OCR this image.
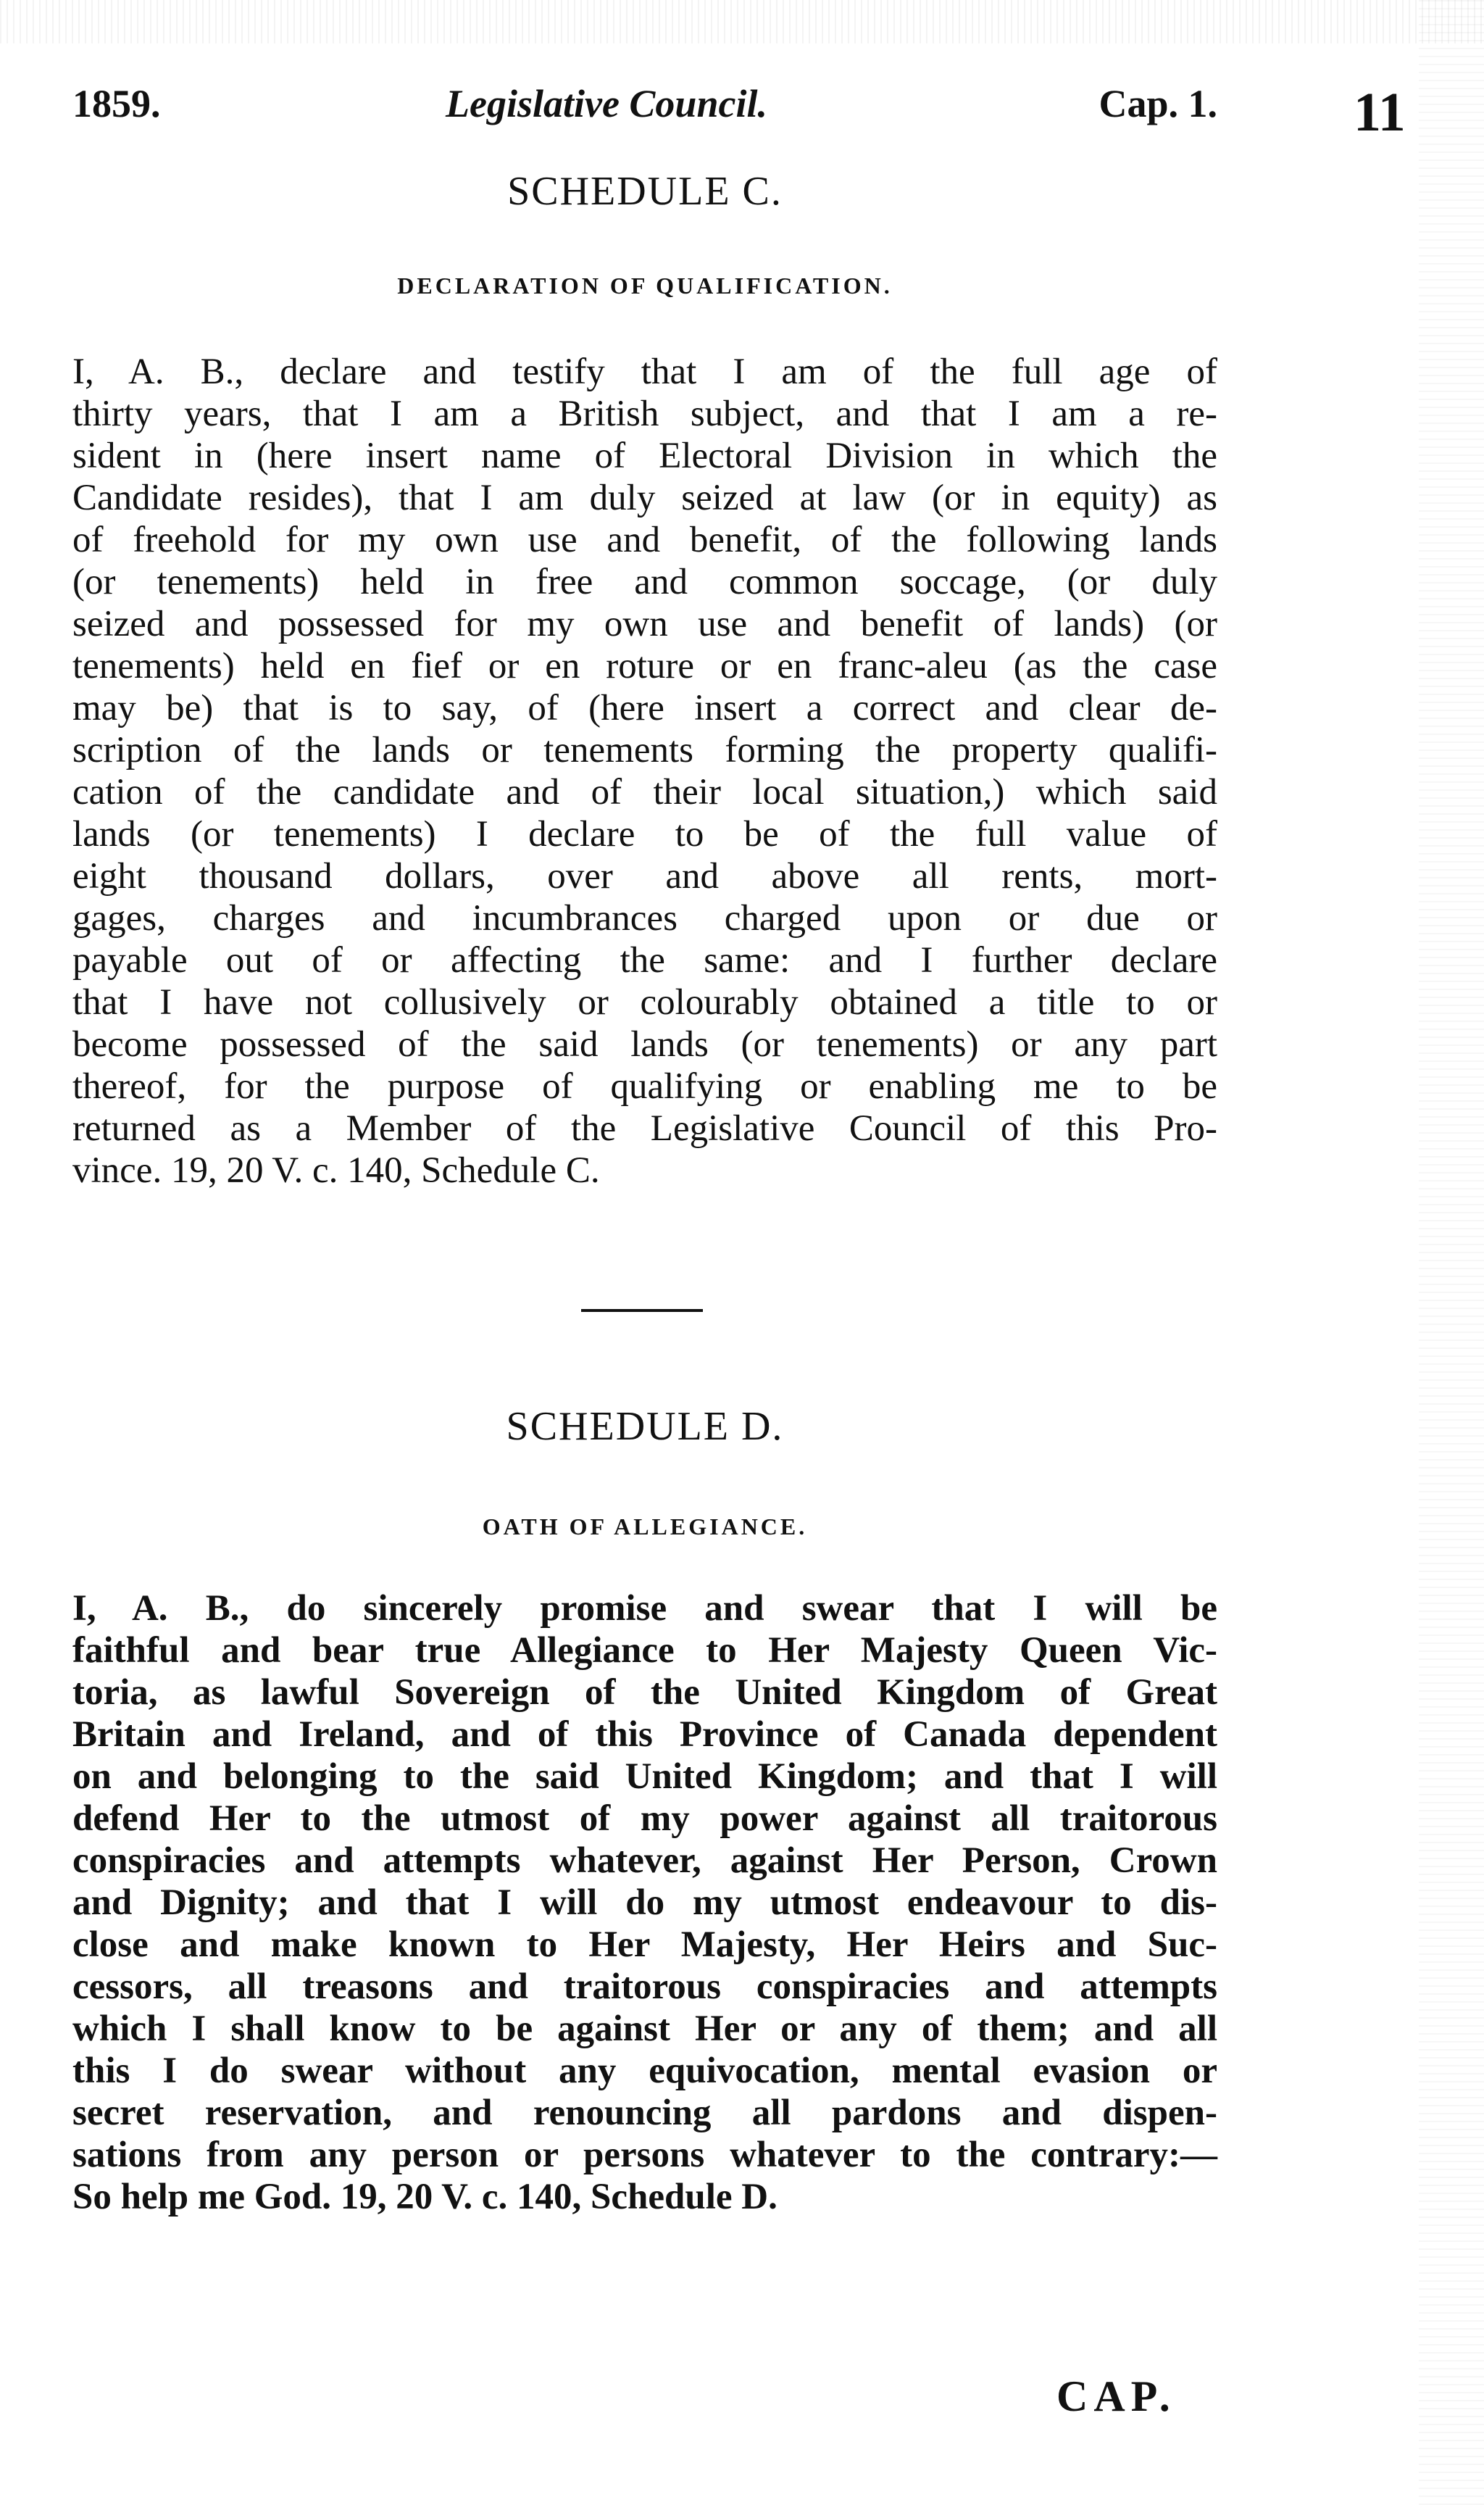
1859.	Legislative Council.	Cap. 1. 11
SCHEDULE C.
DECLARATION OF QUALIFICATION.
I, A. B., declare and testify that I am of the full age of
thirty years, that I am a British subject, and that I am a re-
sident in (here insert name of Electoral Division in which the
Candidate resides), that I am duly seized at law (or in equity) as
of freehold for my own use and benefit, of the following lands
(or tenements) held in free and common soccage, (or duly
seized and possessed for my own use and benefit of lands) (or
tenements) held en fief or en roture or en franc-aleu (as the case
may be) that is to say, of (here insert a correct and clear de-
scription of the lands or tenements forming the property qualifi-
cation of the candidate and of their local situation,) which said
lands (or tenements) I declare to be of the full value of
eight thousand dollars, over and above all rents, mort-
gages, charges and incumbrances charged upon or due or
payable out of or affecting the same: and I further declare
that I have not collusively or colourably obtained a title to or
become possessed of the said lands (or tenements) or any part
thereof, for the purpose of qualifying or enabling me to be
returned as a Member of the Legislative Council of this Pro-
vince. 19, 20 V. c. 140, Schedule C.
SCHEDULE D.
OATH OF ALLEGIANCE.
I, A. B., do sincerely promise and swear that I will be
faithful and bear true Allegiance to Her Majesty Queen Vic-
toria, as lawful Sovereign of the United Kingdom of Great
Britain and Ireland, and of this Province of Canada dependent
on and belonging to the said United Kingdom; and that I will
defend Her to the utmost of my power against all traitorous
conspiracies and attempts whatever, against Her Person, Crown
and Dignity; and that I will do my utmost endeavour to dis-
close and make known to Her Majesty, Her Heirs and Suc-
cessors, all treasons and traitorous conspiracies and attempts
which I shall know to be against Her or any of them; and all
this I do swear without any equivocation, mental evasion or
secret reservation, and renouncing all pardons and dispen-
sations from any person or persons whatever to the contrary:—
So help me God. 19, 20 V. c. 140, Schedule D.
CAP.
